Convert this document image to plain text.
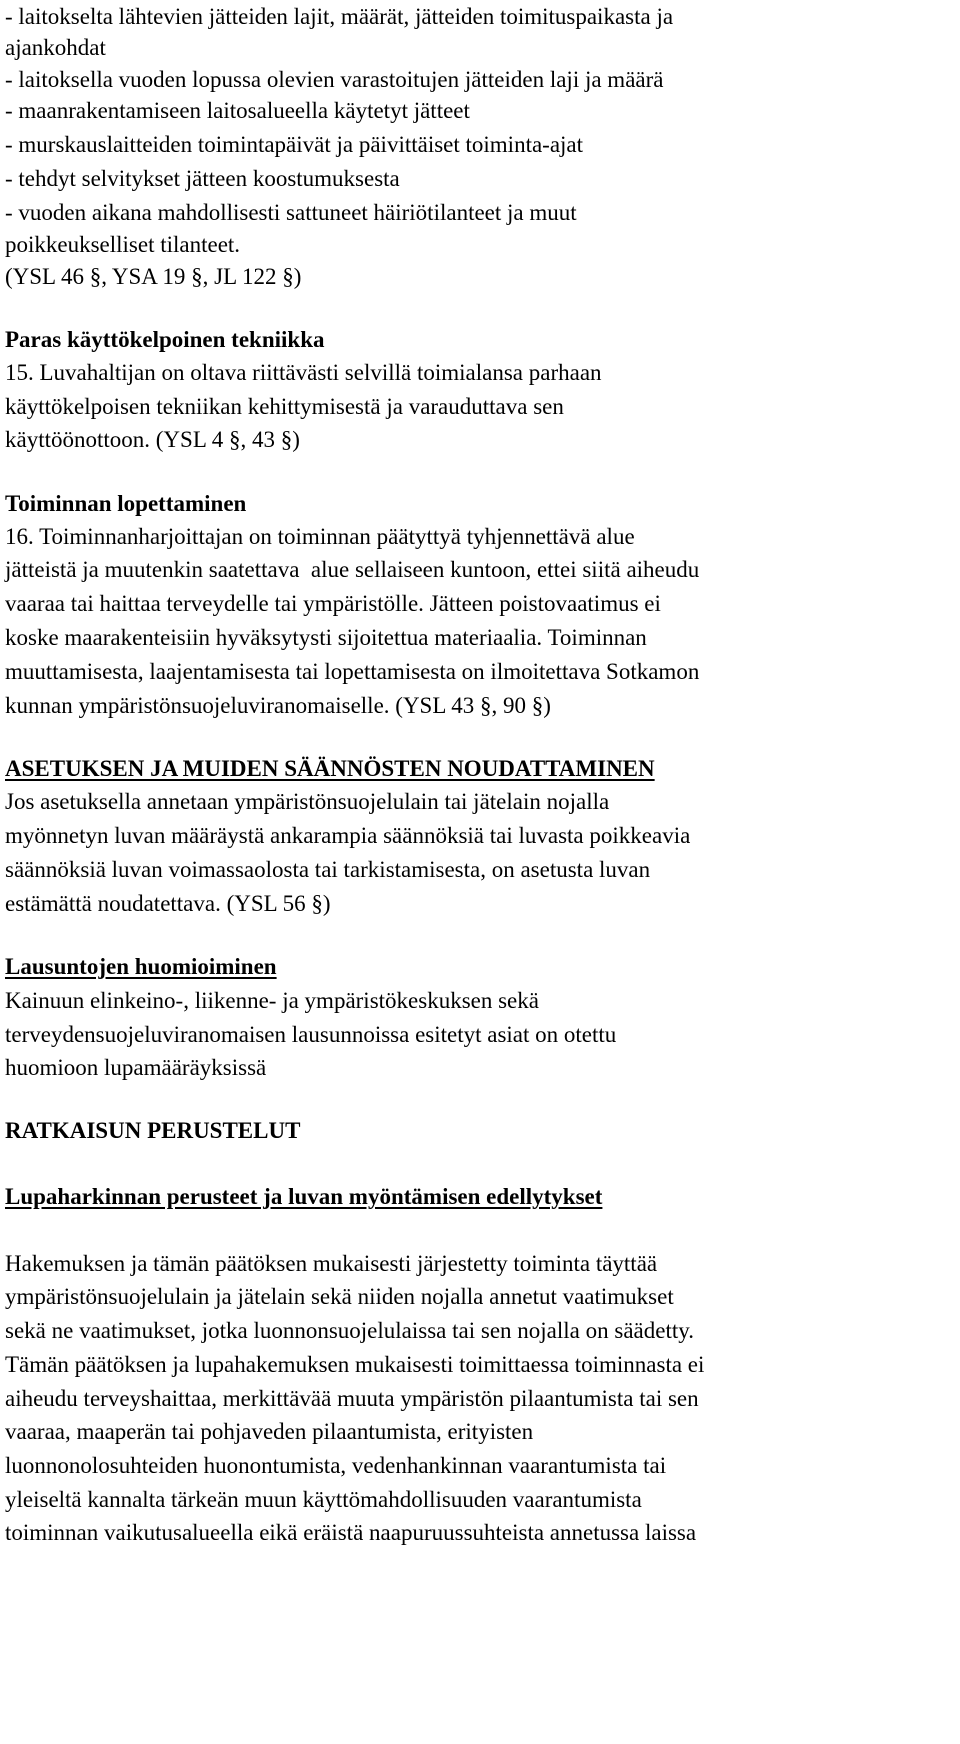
- laitokselta lähtevien jätteiden lajit, määrät, jätteiden toimituspaikasta ja
ajankohdat
- laitoksella vuoden lopussa olevien varastoitujen jätteiden laji ja määrä
- maanrakentamiseen laitosalueella käytetyt jätteet
- murskauslaitteiden toimintapäivät ja päivittäiset toiminta-ajat
- tehdyt selvitykset jätteen koostumuksesta
- vuoden aikana mahdollisesti sattuneet häiriötilanteet ja muut
poikkeukselliset tilanteet.
(YSL 46 §, YSA 19 §, JL 122 §)
Paras käyttökelpoinen tekniikka
15. Luvahaltijan on oltava riittävästi selvillä toimialansa parhaan
käyttökelpoisen tekniikan kehittymisestä ja varauduttava sen
käyttöönottoon. (YSL 4 §, 43 §)
Toiminnan lopettaminen
16. Toiminnanharjoittajan on toiminnan päätyttyä tyhjennettävä alue
jätteistä ja muutenkin saatettava  alue sellaiseen kuntoon, ettei siitä aiheudu
vaaraa tai haittaa terveydelle tai ympäristölle. Jätteen poistovaatimus ei
koske maarakenteisiin hyväksytysti sijoitettua materiaalia. Toiminnan
muuttamisesta, laajentamisesta tai lopettamisesta on ilmoitettava Sotkamon
kunnan ympäristönsuojeluviranomaiselle. (YSL 43 §, 90 §)
ASETUKSEN JA MUIDEN SÄÄNNÖSTEN NOUDATTAMINEN
Jos asetuksella annetaan ympäristönsuojelulain tai jätelain nojalla
myönnetyn luvan määräystä ankarampia säännöksiä tai luvasta poikkeavia
säännöksiä luvan voimassaolosta tai tarkistamisesta, on asetusta luvan
estämättä noudatettava. (YSL 56 §)
Lausuntojen huomioiminen
Kainuun elinkeino-, liikenne- ja ympäristökeskuksen sekä
terveydensuojeluviranomaisen lausunnoissa esitetyt asiat on otettu
huomioon lupamääräyksissä
RATKAISUN PERUSTELUT
Lupaharkinnan perusteet ja luvan myöntämisen edellytykset
Hakemuksen ja tämän päätöksen mukaisesti järjestetty toiminta täyttää
ympäristönsuojelulain ja jätelain sekä niiden nojalla annetut vaatimukset
sekä ne vaatimukset, jotka luonnonsuojelulaissa tai sen nojalla on säädetty.
Tämän päätöksen ja lupahakemuksen mukaisesti toimittaessa toiminnasta ei
aiheudu terveyshaittaa, merkittävää muuta ympäristön pilaantumista tai sen
vaaraa, maaperän tai pohjaveden pilaantumista, erityisten
luonnonolosuhteiden huonontumista, vedenhankinnan vaarantumista tai
yleiseltä kannalta tärkeän muun käyttömahdollisuuden vaarantumista
toiminnan vaikutusalueella eikä eräistä naapuruussuhteista annetussa laissa
